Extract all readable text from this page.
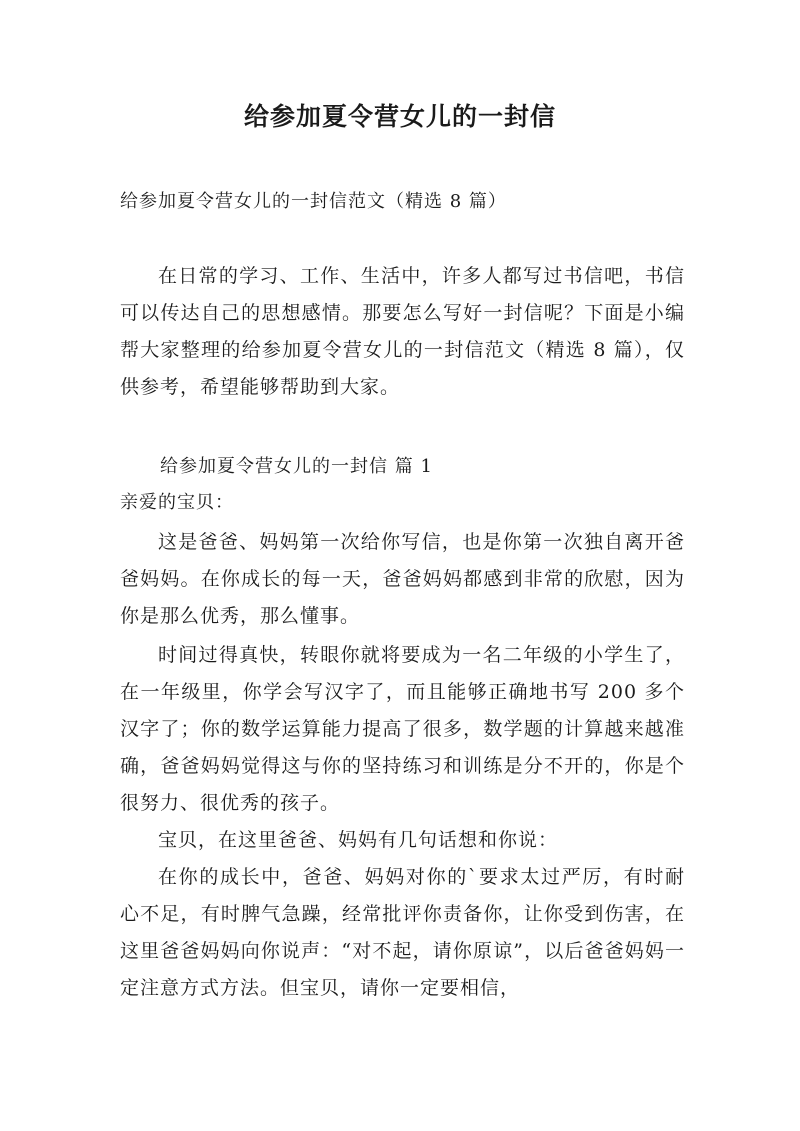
给参加夏令营女儿的一封信
给参加夏令营女儿的一封信范文（精选 8 篇）

在日常的学习、工作、生活中，许多人都写过书信吧，书信可以传达自己的思想感情。那要怎么写好一封信呢？下面是小编帮大家整理的给参加夏令营女儿的一封信范文（精选 8 篇），仅供参考，希望能够帮助到大家。

给参加夏令营女儿的一封信 篇 1
亲爱的宝贝：

这是爸爸、妈妈第一次给你写信，也是你第一次独自离开爸爸妈妈。在你成长的每一天，爸爸妈妈都感到非常的欣慰，因为你是那么优秀，那么懂事。

时间过得真快，转眼你就将要成为一名二年级的小学生了，在一年级里，你学会写汉字了，而且能够正确地书写 200 多个汉字了；你的数学运算能力提高了很多，数学题的计算越来越准确，爸爸妈妈觉得这与你的坚持练习和训练是分不开的，你是个很努力、很优秀的孩子。

宝贝，在这里爸爸、妈妈有几句话想和你说：

在你的成长中，爸爸、妈妈对你的`要求太过严厉，有时耐心不足，有时脾气急躁，经常批评你责备你，让你受到伤害，在这里爸爸妈妈向你说声：“对不起，请你原谅”，以后爸爸妈妈一定注意方式方法。但宝贝，请你一定要相信，
